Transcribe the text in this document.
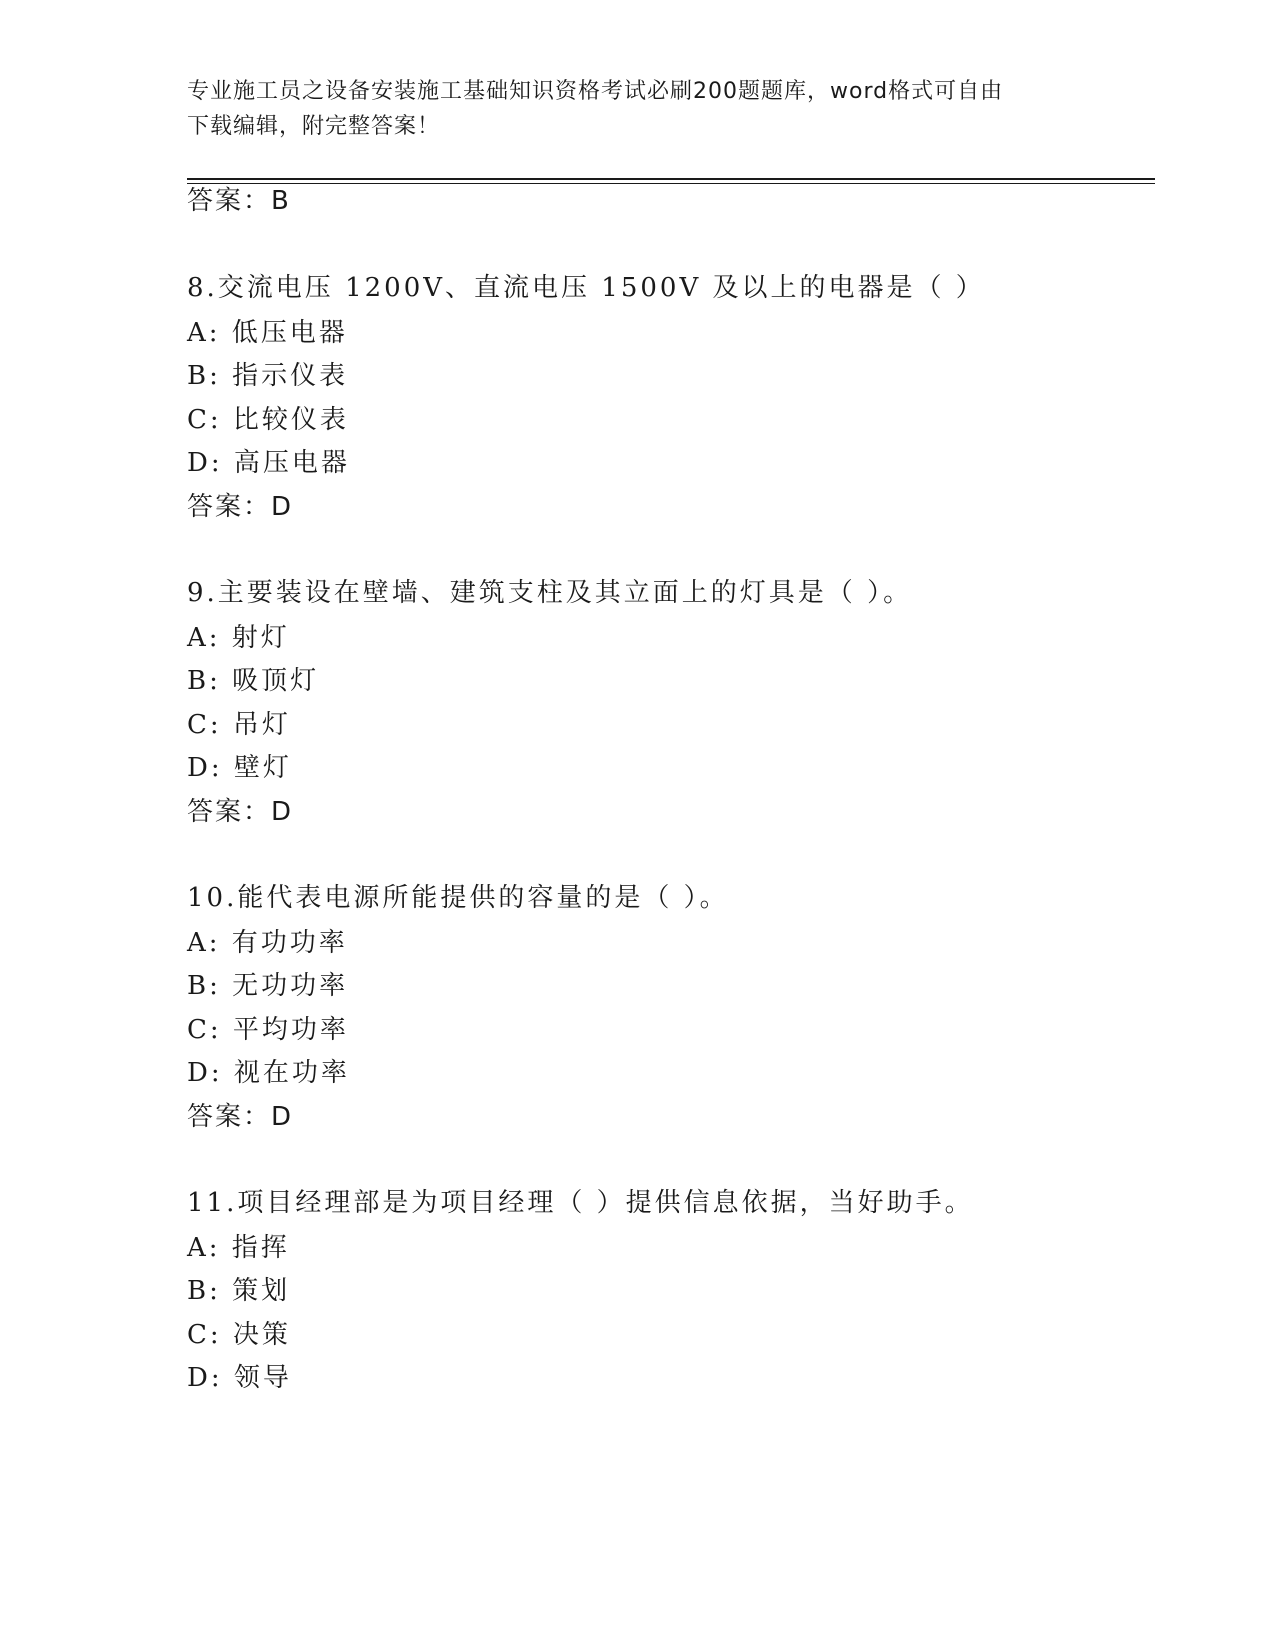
专业施工员之设备安装施工基础知识资格考试必刷200题题库，word格式可自由
下载编辑，附完整答案！
答案：B
8.交流电压 1200V、直流电压 1500V 及以上的电器是（ ）
A: 低压电器
B: 指示仪表
C: 比较仪表
D: 高压电器
答案：D
9.主要装设在壁墙、建筑支柱及其立面上的灯具是（ ）。
A: 射灯
B: 吸顶灯
C: 吊灯
D: 壁灯
答案：D
10.能代表电源所能提供的容量的是（ ）。
A: 有功功率
B: 无功功率
C: 平均功率
D: 视在功率
答案：D
11.项目经理部是为项目经理（ ）提供信息依据，当好助手。
A: 指挥
B: 策划
C: 决策
D: 领导
